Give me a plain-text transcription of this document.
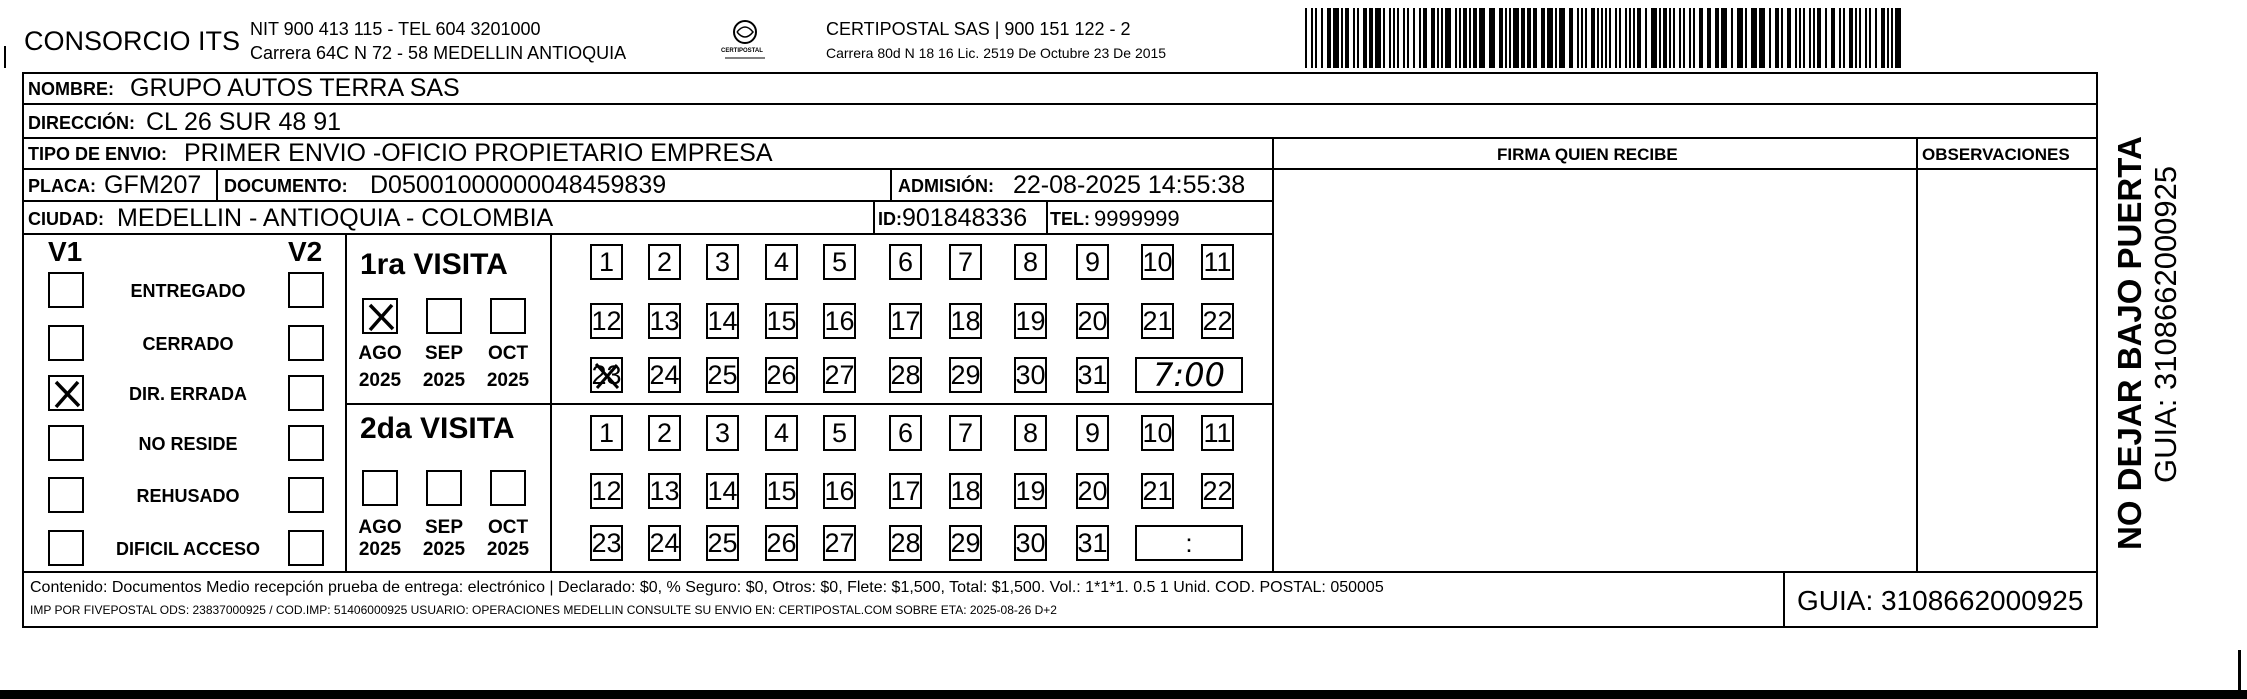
CONSORCIO ITS NIT 900 413 115 - TEL 604 3201000
Carrera 64C N 72 - 58 MEDELLIN ANTIOQUIA	CERTIPOSTAL
CERTIPOSTAL SAS | 900 151 122 - 2
Carrera 80d N 18 16 Lic. 2519 De Octubre 23 De 2015
NOMBRE: GRUPO AUTOS TERRA SAS
DIRECCIÓN: CL 26 SUR 48 91
TIPO DE ENVIO: PRIMER ENVIO -OFICIO PROPIETARIO EMPRESA	FIRMA QUIEN RECIBE	OBSERVACIONES
PLACA: GFM207 DOCUMENTO: D05001000000048459839	ADMISIÓN: 22-08-2025 14:55:38
CIUDAD: MEDELLIN - ANTIOQUIA - COLOMBIA	ID: 901848336 TEL: 9999999
V1	V2
ENTREGADO
CERRADO
DIR. ERRADA
NO RESIDE
REHUSADO
DIFICIL ACCESO
1ra VISITA
AGO
2025
SEP
2025
OCT
2025
1	2	3	4	5	6	7	8	9	10 11
12 13 14 15 16 17 18 19 20 21 22
23 24 25 26 27 28 29 30 31	7:00
2da VISITA
AGO
2025
SEP
2025
OCT
2025
1	2	3	4	5	6	7	8	9	10 11
12 13 14 15 16 17 18 19 20 21 22
23 24 25 26 27 28 29 30 31	:
Contenido: Documentos Medio recepción prueba de entrega: electrónico | Declarado: $0, % Seguro: $0, Otros: $0, Flete: $1,500, Total: $1,500. Vol.: 1*1*1. 0.5 1 Unid. COD. POSTAL: 050005
IMP POR FIVEPOSTAL ODS: 23837000925 / COD.IMP: 51406000925 USUARIO: OPERACIONES MEDELLIN CONSULTE SU ENVIO EN: CERTIPOSTAL.COM SOBRE ETA: 2025-08-26 D+2	GUIA: 3108662000925
NO DEJAR BAJO PUERTA GUIA: 3108662000925
